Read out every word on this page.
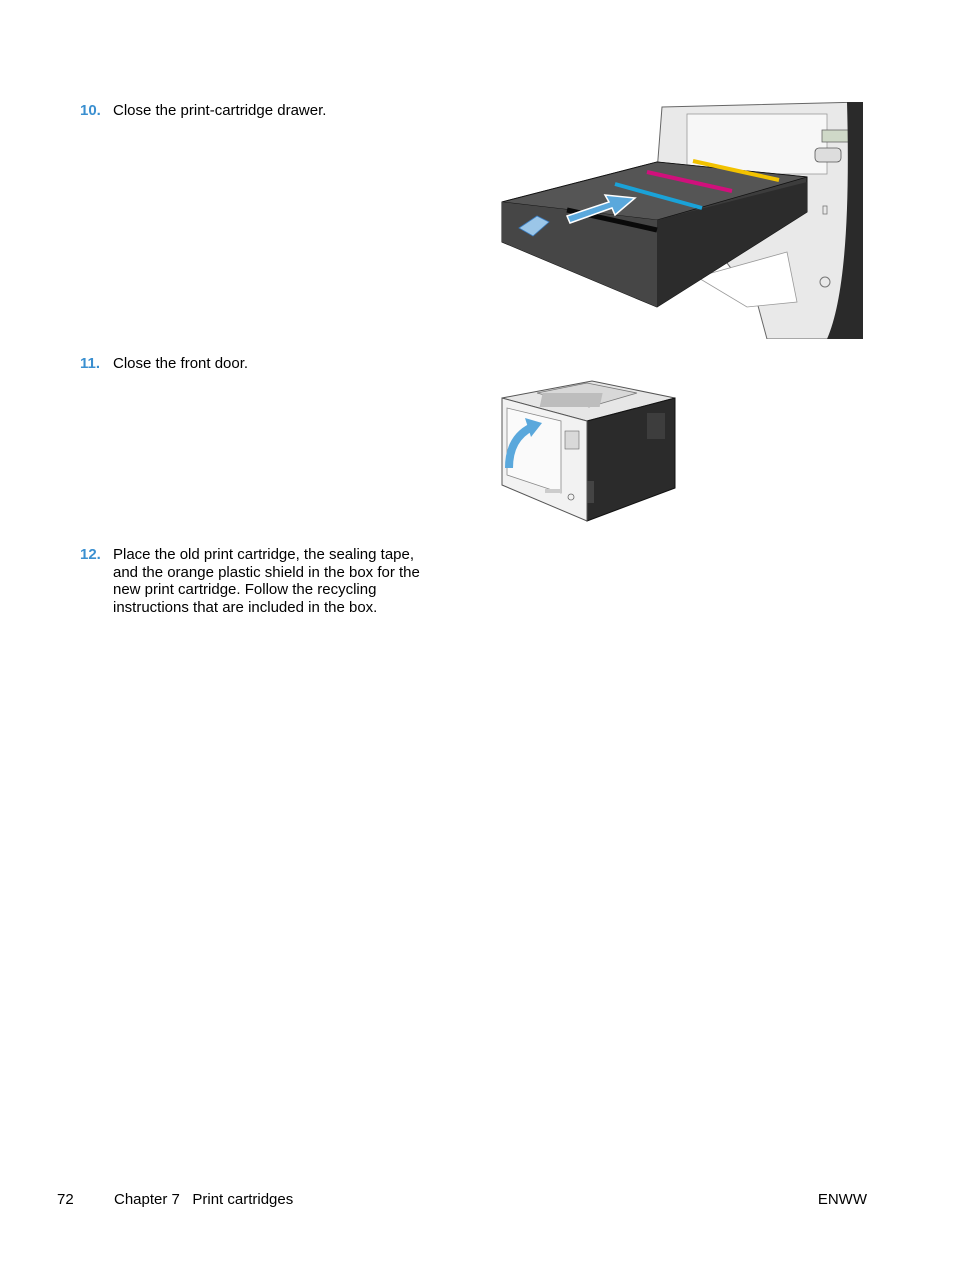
10. Close the print-cartridge drawer.
11. Close the front door.
12. Place the old print cartridge, the sealing tape, and the orange plastic shield in the box for the new print cartridge. Follow the recycling instructions that are included in the box.
72	Chapter 7   Print cartridges	ENWW
